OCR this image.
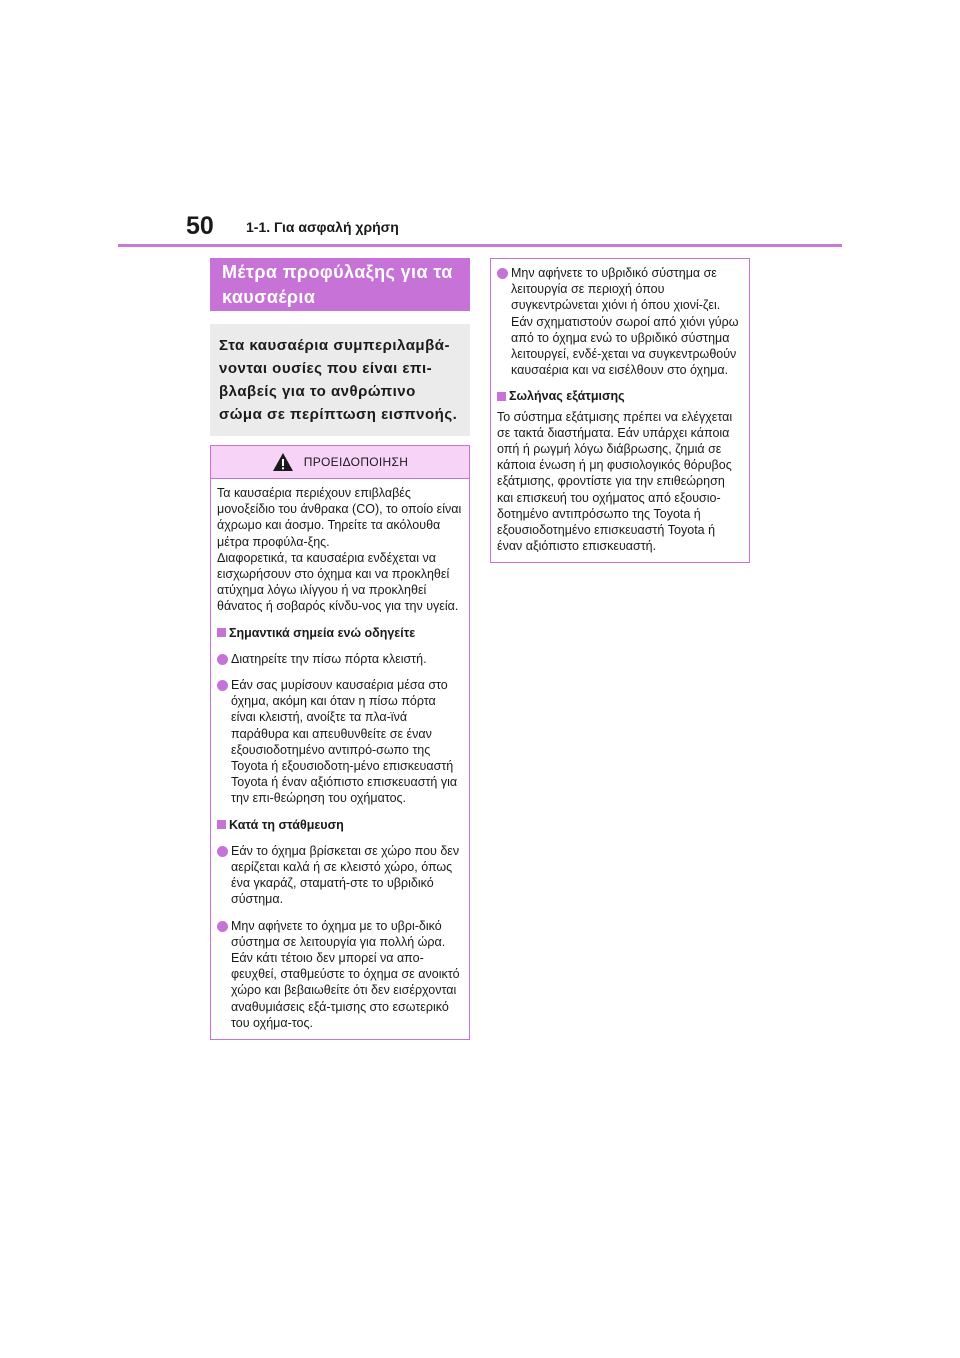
50 1-1. Για ασφαλή χρήση
Μέτρα προφύλαξης για τα καυσαέρια
Στα καυσαέρια συμπεριλαμβά-νονται ουσίες που είναι επι-βλαβείς για το ανθρώπινο σώμα σε περίπτωση εισπνοής.
ΠΡΟΕΙΔΟΠΟΙΗΣΗ

Τα καυσαέρια περιέχουν επιβλαβές μονοξείδιο του άνθρακα (CO), το οποίο είναι άχρωμο και άοσμο. Τηρείτε τα ακόλουθα μέτρα προφύλα-ξης.

Διαφορετικά, τα καυσαέρια ενδέχεται να εισχωρήσουν στο όχημα και να προκληθεί ατύχημα λόγω ιλίγγου ή να προκληθεί θάνατος ή σοβαρός κίνδυ-νος για την υγεία.

Σημαντικά σημεία ενώ οδηγείτε
Διατηρείτε την πίσω πόρτα κλειστή.
Εάν σας μυρίσουν καυσαέρια μέσα στο όχημα, ακόμη και όταν η πίσω πόρτα είναι κλειστή, ανοίξτε τα πλα-ϊνά παράθυρα και απευθυνθείτε σε έναν εξουσιοδοτημένο αντιπρό-σωπο της Toyota ή εξουσιοδοτη-μένο επισκευαστή Toyota ή έναν αξιόπιστο επισκευαστή για την επι-θεώρηση του οχήματος.
Κατά τη στάθμευση
Εάν το όχημα βρίσκεται σε χώρο που δεν αερίζεται καλά ή σε κλειστό χώρο, όπως ένα γκαράζ, σταματή-στε το υβριδικό σύστημα.
Μην αφήνετε το όχημα με το υβρι-δικό σύστημα σε λειτουργία για πολλή ώρα. Εάν κάτι τέτοιο δεν μπορεί να απο-φευχθεί, σταθμεύστε το όχημα σε ανοικτό χώρο και βεβαιωθείτε ότι δεν εισέρχονται αναθυμιάσεις εξά-τμισης στο εσωτερικό του οχήμα-τος.
Μην αφήνετε το υβριδικό σύστημα σε λειτουργία σε περιοχή όπου συγκεντρώνεται χιόνι ή όπου χιονί-ζει. Εάν σχηματιστούν σωροί από χιόνι γύρω από το όχημα ενώ το υβριδικό σύστημα λειτουργεί, ενδέ-χεται να συγκεντρωθούν καυσαέρια και να εισέλθουν στο όχημα.
Σωλήνας εξάτμισης

Το σύστημα εξάτμισης πρέπει να ελέγχεται σε τακτά διαστήματα. Εάν υπάρχει κάποια οπή ή ρωγμή λόγω διάβρωσης, ζημιά σε κάποια ένωση ή μη φυσιολογικός θόρυβος εξάτμισης, φροντίστε για την επιθεώρηση και επισκευή του οχήματος από εξουσιο-δοτημένο αντιπρόσωπο της Toyota ή εξουσιοδοτημένο επισκευαστή Toyota ή έναν αξιόπιστο επισκευαστή.
